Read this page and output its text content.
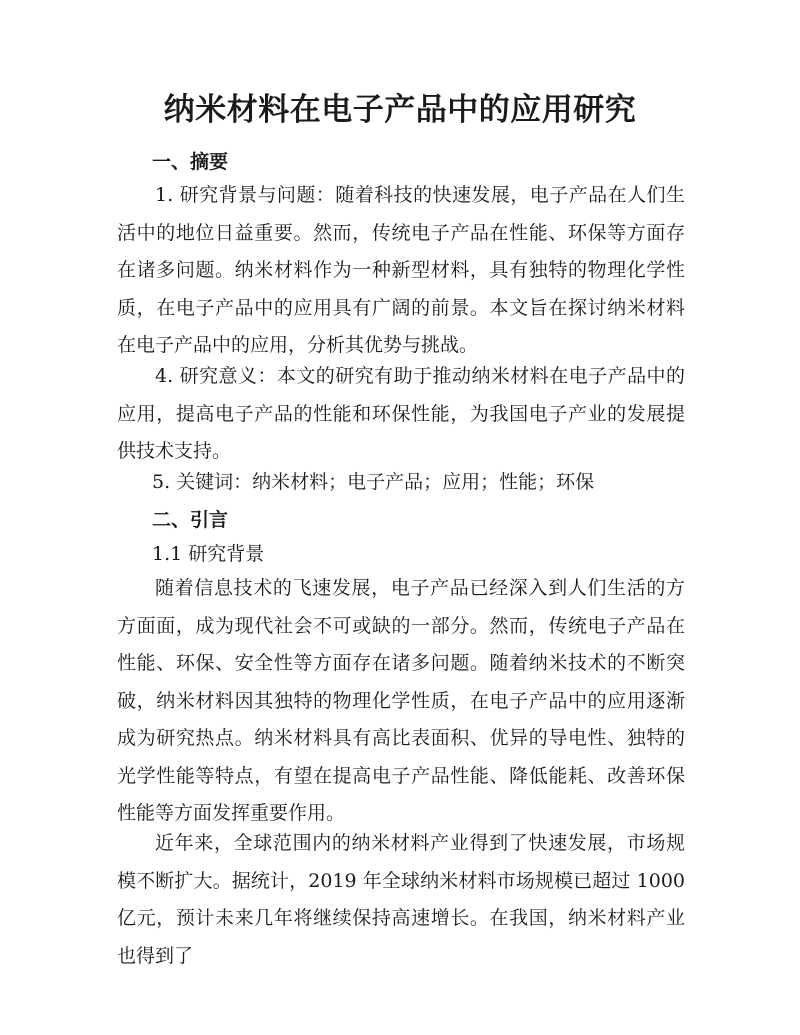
纳米材料在电子产品中的应用研究
一、摘要

1. 研究背景与问题：随着科技的快速发展，电子产品在人们生活中的地位日益重要。然而，传统电子产品在性能、环保等方面存在诸多问题。纳米材料作为一种新型材料，具有独特的物理化学性质，在电子产品中的应用具有广阔的前景。本文旨在探讨纳米材料在电子产品中的应用，分析其优势与挑战。

4. 研究意义：本文的研究有助于推动纳米材料在电子产品中的应用，提高电子产品的性能和环保性能，为我国电子产业的发展提供技术支持。

5. 关键词：纳米材料；电子产品；应用；性能；环保
二、引言
1.1 研究背景

随着信息技术的飞速发展，电子产品已经深入到人们生活的方方面面，成为现代社会不可或缺的一部分。然而，传统电子产品在性能、环保、安全性等方面存在诸多问题。随着纳米技术的不断突破，纳米材料因其独特的物理化学性质，在电子产品中的应用逐渐成为研究热点。纳米材料具有高比表面积、优异的导电性、独特的光学性能等特点，有望在提高电子产品性能、降低能耗、改善环保性能等方面发挥重要作用。

近年来，全球范围内的纳米材料产业得到了快速发展，市场规模不断扩大。据统计，2019 年全球纳米材料市场规模已超过 1000 亿元，预计未来几年将继续保持高速增长。在我国，纳米材料产业也得到了
